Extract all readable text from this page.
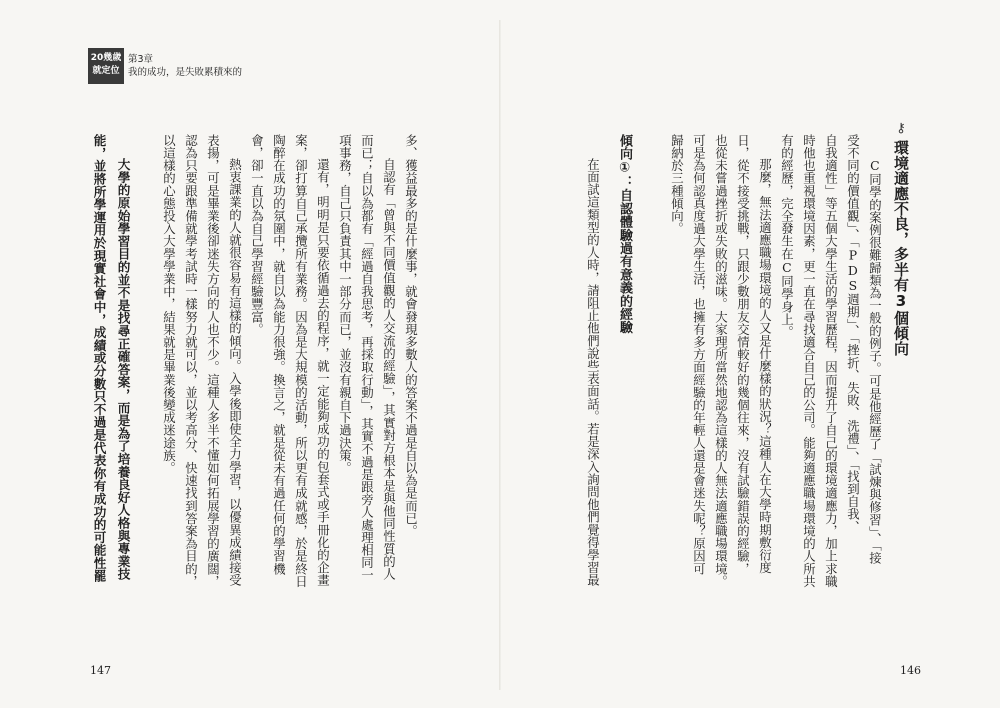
20幾歲
就定位
第3章
我的成功，是失敗累積來的
⚷
環境適應不良，多半有3個傾向
C同學的案例很難歸類為一般的例子。可是他經歷了「試煉與修習」、「接
受不同的價值觀」、「PDS週期」、「挫折、失敗、洗禮」、「找到自我、
自我適性」等五個大學生活的學習歷程，因而提升了自己的環境適應力，加上求職
時他也重視環境因素，更一直在尋找適合自己的公司。能夠適應職場環境的人所共
有的經歷，完全發生在C同學身上。
那麼，無法適應職場環境的人又是什麼樣的狀況？這種人在大學時期敷衍度
日，從不接受挑戰，只跟少數朋友交情較好的幾個往來，沒有試驗錯誤的經驗，
也從未嘗過挫折或失敗的滋味。大家理所當然地認為這樣的人無法適應職場環境。
可是為何認真度過大學生活，也擁有多方面經驗的年輕人還是會迷失呢？原因可
歸納於三種傾向。
傾向①：自認體驗過有意義的經驗
在面試這類型的人時，請阻止他們說些表面話。若是深入詢問他們覺得學習最
146
多、獲益最多的是什麼事，就會發現多數人的答案不過是自以為是而已。
自認有「曾與不同價值觀的人交流的經驗」，其實對方根本是與他同性質的人
而已；自以為都有「經過自我思考，再採取行動」，其實不過是跟旁人處理相同一
項事務，自己只負責其中一部分而已，並沒有親自下過決策。
還有，明明是只要依循過去的程序，就一定能夠成功的包套式或手冊化的企畫
案，卻打算自己承攬所有業務。因為是大規模的活動，所以更有成就感，於是終日
陶醉在成功的氛圍中，就自以為能力很強。換言之，就是從未有過任何的學習機
會，卻一直以為自己學習經驗豐富。
熱衷課業的人就很容易有這樣的傾向。入學後即使全力學習，以優異成績接受
表揚，可是畢業後卻迷失方向的人也不少。這種人多半不懂如何拓展學習的廣闊，
認為只要跟準備就學考試時一樣努力就可以，並以考高分、快速找到答案為目的，
以這樣的心態投入大學學業中，結果就是畢業後變成迷途族。
大學的原始學習目的並不是找尋正確答案，而是為了培養良好人格與專業技
能，並將所學運用於現實社會中，成績或分數只不過是代表你有成功的可能性罷
147
